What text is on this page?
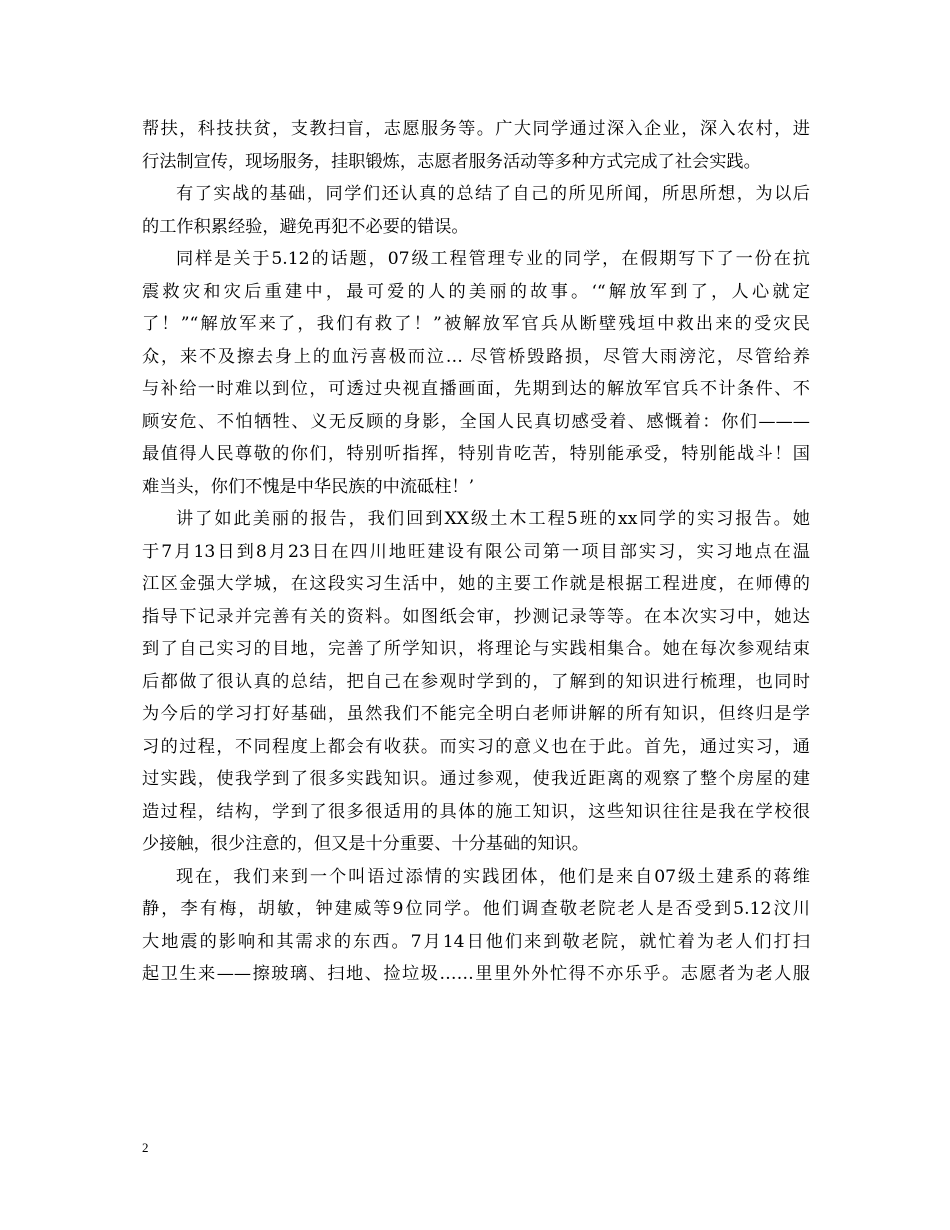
帮扶，科技扶贫，支教扫盲，志愿服务等。广大同学通过深入企业，深入农村，进
行法制宣传，现场服务，挂职锻炼，志愿者服务活动等多种方式完成了社会实践。
有了实战的基础，同学们还认真的总结了自己的所见所闻，所思所想，为以后
的工作积累经验，避免再犯不必要的错误。
同样是关于5.12的话题，07级工程管理专业的同学，在假期写下了一份在抗
震救灾和灾后重建中，最可爱的人的美丽的故事。‘“解放军到了，人心就定
了！”“解放军来了，我们有救了！”被解放军官兵从断壁残垣中救出来的受灾民
众，来不及擦去身上的血污喜极而泣… 尽管桥毁路损，尽管大雨滂沱，尽管给养
与补给一时难以到位，可透过央视直播画面，先期到达的解放军官兵不计条件、不
顾安危、不怕牺牲、义无反顾的身影，全国人民真切感受着、感慨着：你们———
最值得人民尊敬的你们，特别听指挥，特别肯吃苦，特别能承受，特别能战斗！国
难当头，你们不愧是中华民族的中流砥柱！’
讲了如此美丽的报告，我们回到XX级土木工程5班的xx同学的实习报告。她
于7月13日到8月23日在四川地旺建设有限公司第一项目部实习，实习地点在温
江区金强大学城，在这段实习生活中，她的主要工作就是根据工程进度，在师傅的
指导下记录并完善有关的资料。如图纸会审，抄测记录等等。在本次实习中，她达
到了自己实习的目地，完善了所学知识，将理论与实践相集合。她在每次参观结束
后都做了很认真的总结，把自己在参观时学到的，了解到的知识进行梳理，也同时
为今后的学习打好基础，虽然我们不能完全明白老师讲解的所有知识，但终归是学
习的过程，不同程度上都会有收获。而实习的意义也在于此。首先，通过实习，通
过实践，使我学到了很多实践知识。通过参观，使我近距离的观察了整个房屋的建
造过程，结构，学到了很多很适用的具体的施工知识，这些知识往往是我在学校很
少接触，很少注意的，但又是十分重要、十分基础的知识。
现在，我们来到一个叫语过添情的实践团体，他们是来自07级土建系的蒋维
静，李有梅，胡敏，钟建威等9位同学。他们调查敬老院老人是否受到5.12汶川
大地震的影响和其需求的东西。7月14日他们来到敬老院，就忙着为老人们打扫
起卫生来——擦玻璃、扫地、捡垃圾……里里外外忙得不亦乐乎。志愿者为老人服
2
